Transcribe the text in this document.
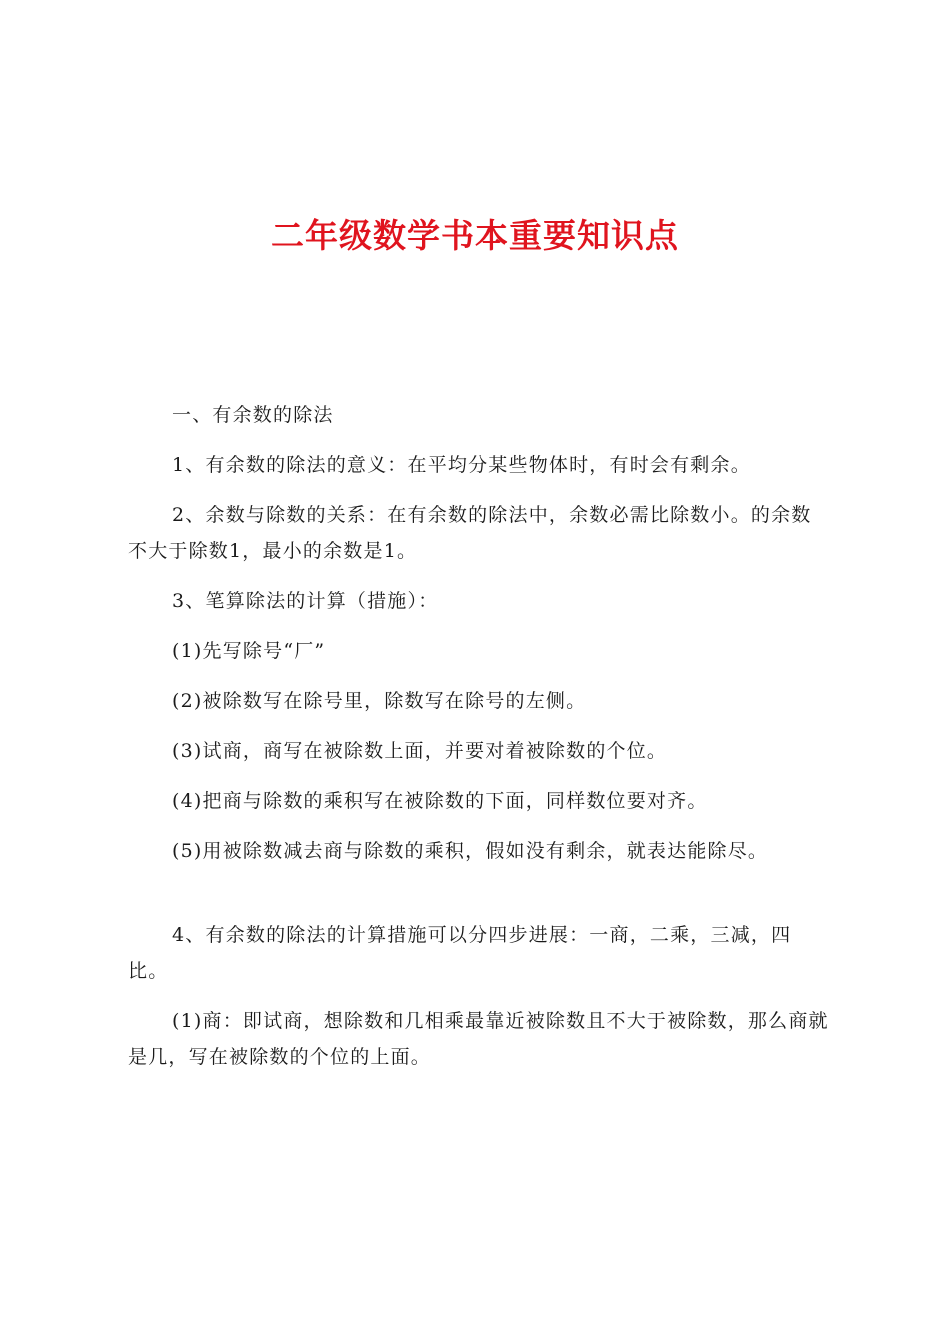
二年级数学书本重要知识点

一、有余数的除法

1、有余数的除法的意义：在平均分某些物体时，有时会有剩余。

2、余数与除数的关系：在有余数的除法中，余数必需比除数小。的余数不大于除数1，最小的余数是1。

3、笔算除法的计算（措施）：

(1)先写除号“厂”

(2)被除数写在除号里，除数写在除号的左侧。

(3)试商，商写在被除数上面，并要对着被除数的个位。

(4)把商与除数的乘积写在被除数的下面，同样数位要对齐。

(5)用被除数减去商与除数的乘积，假如没有剩余，就表达能除尽。

4、有余数的除法的计算措施可以分四步进展：一商，二乘，三减，四比。

(1)商：即试商，想除数和几相乘最靠近被除数且不大于被除数，那么商就是几，写在被除数的个位的上面。
